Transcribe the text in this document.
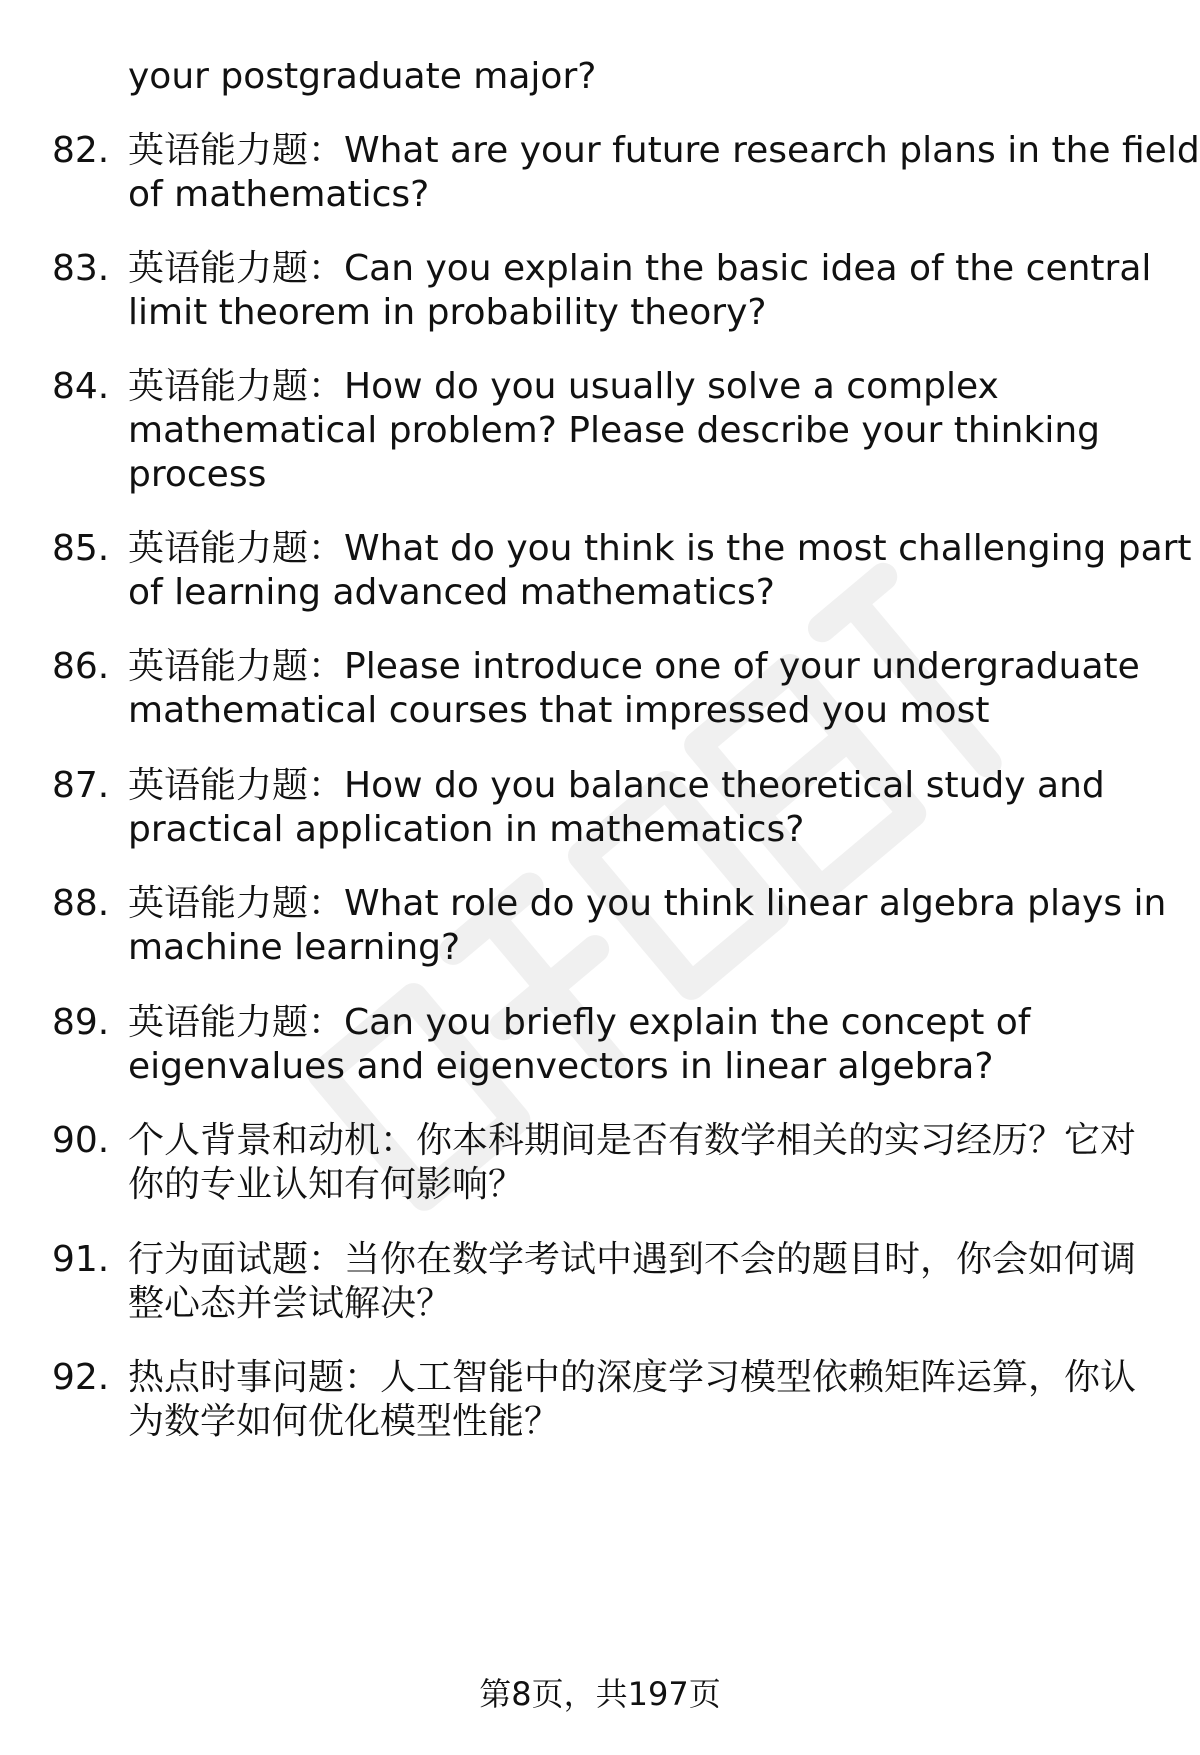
your postgraduate major?
82. 英语能力题：What are your future research plans in the field
of mathematics?
83. 英语能力题：Can you explain the basic idea of the central
limit theorem in probability theory?
84. 英语能力题：How do you usually solve a complex
mathematical problem? Please describe your thinking
process
85. 英语能力题：What do you think is the most challenging part
of learning advanced mathematics?
86. 英语能力题：Please introduce one of your undergraduate
mathematical courses that impressed you most
87. 英语能力题：How do you balance theoretical study and
practical application in mathematics?
88. 英语能力题：What role do you think linear algebra plays in
machine learning?
89. 英语能力题：Can you briefly explain the concept of
eigenvalues and eigenvectors in linear algebra?
90. 个人背景和动机：你本科期间是否有数学相关的实习经历？它对
你的专业认知有何影响？
91. 行为面试题：当你在数学考试中遇到不会的题目时，你会如何调
整心态并尝试解决？
92. 热点时事问题：人工智能中的深度学习模型依赖矩阵运算，你认
为数学如何优化模型性能？
第8页，共197页
